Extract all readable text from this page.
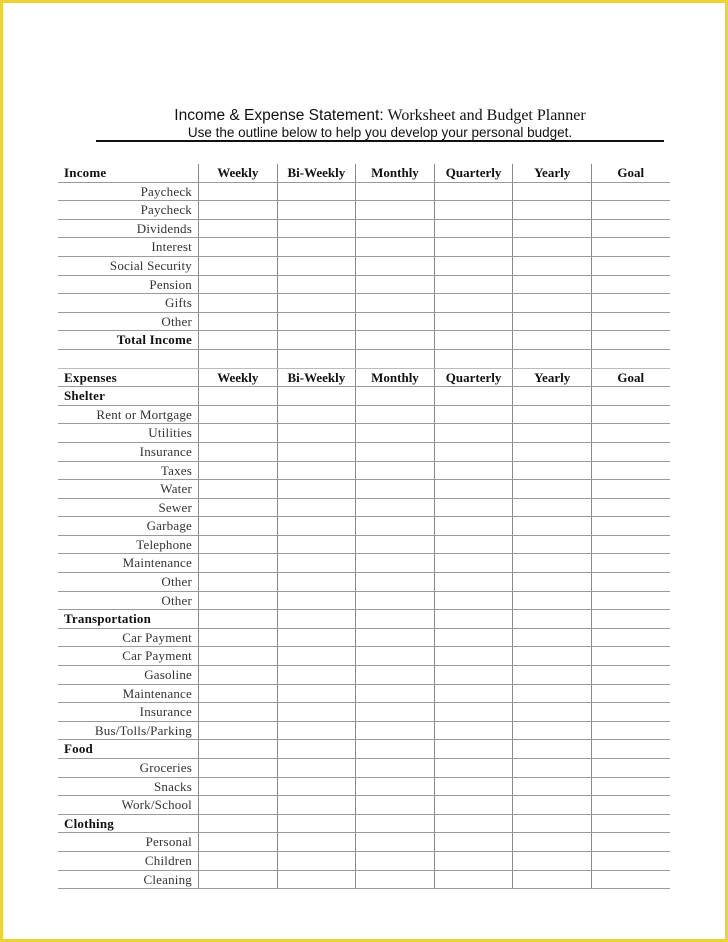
Income & Expense Statement: Worksheet and Budget Planner
Use the outline below to help you develop your personal budget.
Income	Weekly	Bi-Weekly	Monthly	Quarterly	Yearly	Goal
Paycheck
Paycheck
Dividends
Interest
Social Security
Pension
Gifts
Other
Total Income
Expenses	Weekly	Bi-Weekly	Monthly	Quarterly	Yearly	Goal
Shelter
Rent or Mortgage
Utilities
Insurance
Taxes
Water
Sewer
Garbage
Telephone
Maintenance
Other
Other
Transportation
Car Payment
Car Payment
Gasoline
Maintenance
Insurance
Bus/Tolls/Parking
Food
Groceries
Snacks
Work/School
Clothing
Personal
Children
Cleaning
